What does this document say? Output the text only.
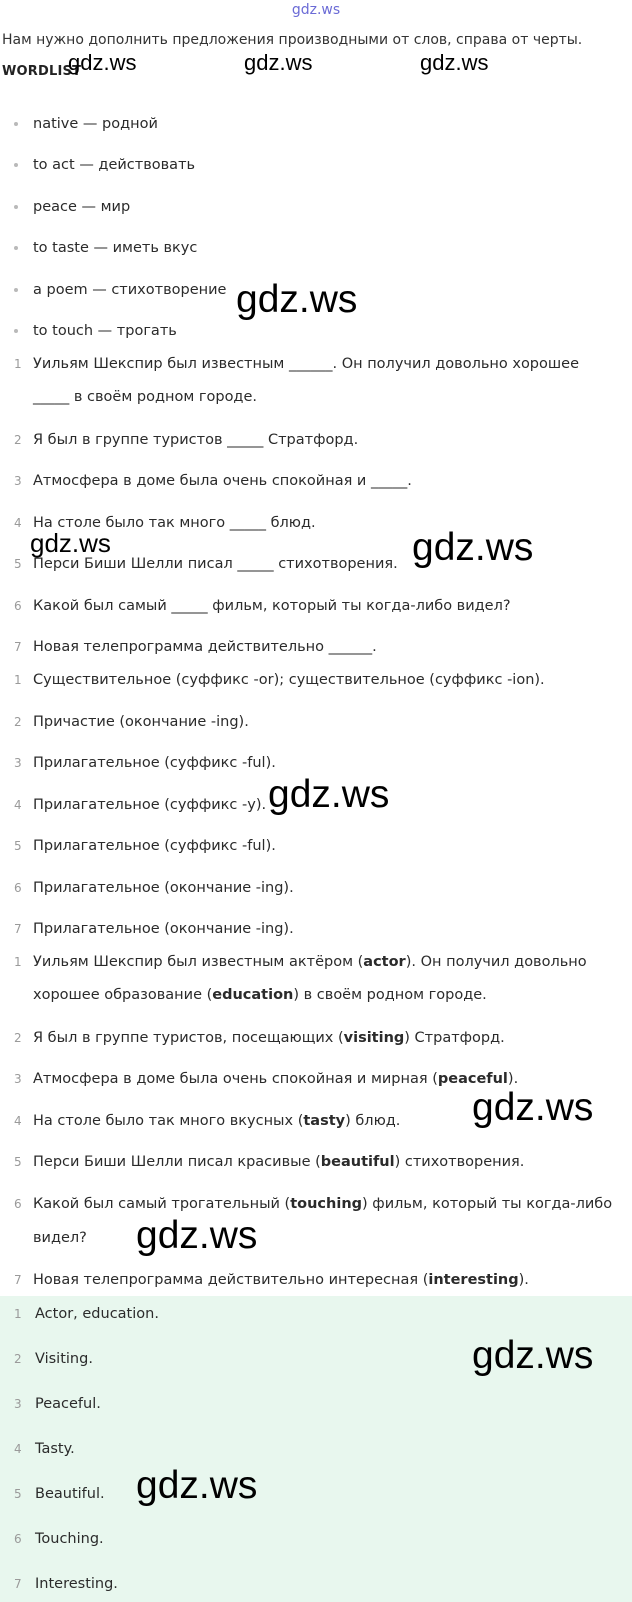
gdz.ws
Нам нужно дополнить предложения производными от слов, справа от черты.
WORDLIST
native — родной
to act — действовать
peace — мир
to taste — иметь вкус
a poem — стихотворение
to touch — трогать
1 Уильям Шекспир был известным ______. Он получил довольно хорошее
_____ в своём родном городе.
2 Я был в группе туристов _____ Стратфорд.
3 Атмосфера в доме была очень спокойная и _____.
4 На столе было так много _____ блюд.
5 Перси Биши Шелли писал _____ стихотворения.
6 Какой был самый _____ фильм, который ты когда-либо видел?
7 Новая телепрограмма действительно ______.
1 Существительное (суффикс -or); существительное (суффикс -ion).
2 Причастие (окончание -ing).
3 Прилагательное (суффикс -ful).
4 Прилагательное (суффикс -y).
5 Прилагательное (суффикс -ful).
6 Прилагательное (окончание -ing).
7 Прилагательное (окончание -ing).
1 Уильям Шекспир был известным актёром (actor). Он получил довольно
хорошее образование (education) в своём родном городе.
2 Я был в группе туристов, посещающих (visiting) Стратфорд.
3 Атмосфера в доме была очень спокойная и мирная (peaceful).
4 На столе было так много вкусных (tasty) блюд.
5 Перси Биши Шелли писал красивые (beautiful) стихотворения.
6 Какой был самый трогательный (touching) фильм, который ты когда-либо
видел?
7 Новая телепрограмма действительно интересная (interesting).
1 Actor, education.
2 Visiting.
3 Peaceful.
4 Tasty.
5 Beautiful.
6 Touching.
7 Interesting.
gdz.ws	gdz.ws	gdz.ws
gdz.ws
gdz.ws	gdz.ws
gdz.ws
gdz.ws
gdz.ws
gdz.ws
gdz.ws
